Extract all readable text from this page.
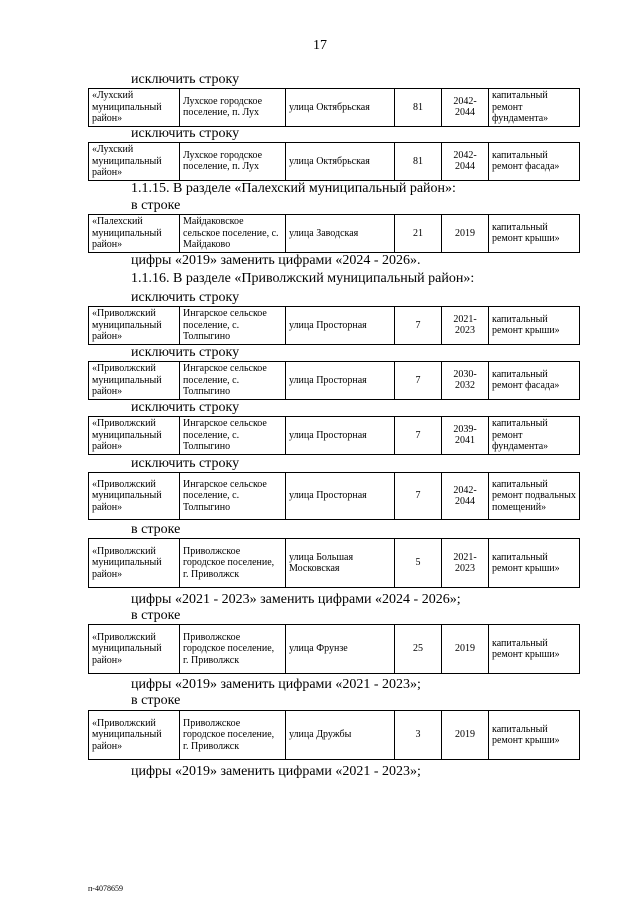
17
исключить строку
исключить строку
1.1.15. В разделе «Палехский муниципальный район»:
в строке
цифры «2019» заменить цифрами «2024 - 2026».
1.1.16. В разделе «Приволжский муниципальный район»:
исключить строку
исключить строку
исключить строку
исключить строку
в строке
цифры «2021 - 2023» заменить цифрами «2024 - 2026»;
в строке
цифры «2019» заменить цифрами «2021 - 2023»;
в строке
цифры «2019» заменить цифрами «2021 - 2023»;
«Лухский муниципальный район»	Лухское городское поселение, п. Лух	улица Октябрьская	81	2042-2044	капитальный ремонт фундамента»
«Лухский муниципальный район»	Лухское городское поселение, п. Лух	улица Октябрьская	81	2042-2044	капитальный ремонт фасада»
«Палехский муниципальный район»	Майдаковское сельское поселение, с. Майдаково	улица Заводская	21	2019	капитальный ремонт крыши»
«Приволжский муниципальный район»	Ингарское сельское поселение, с. Толпыгино	улица Просторная	7	2021-2023	капитальный ремонт крыши»
«Приволжский муниципальный район»	Ингарское сельское поселение, с. Толпыгино	улица Просторная	7	2030-2032	капитальный ремонт фасада»
«Приволжский муниципальный район»	Ингарское сельское поселение, с. Толпыгино	улица Просторная	7	2039-2041	капитальный ремонт фундамента»
«Приволжский муниципальный район»	Ингарское сельское поселение, с. Толпыгино	улица Просторная	7	2042-2044	капитальный ремонт подвальных помещений»
«Приволжский муниципальный район»	Приволжское городское поселение, г. Приволжск	улица Большая Московская	5	2021-2023	капитальный ремонт крыши»
«Приволжский муниципальный район»	Приволжское городское поселение, г. Приволжск	улица Фрунзе	25	2019	капитальный ремонт крыши»
«Приволжский муниципальный район»	Приволжское городское поселение, г. Приволжск	улица Дружбы	3	2019	капитальный ремонт крыши»
п-4078659
